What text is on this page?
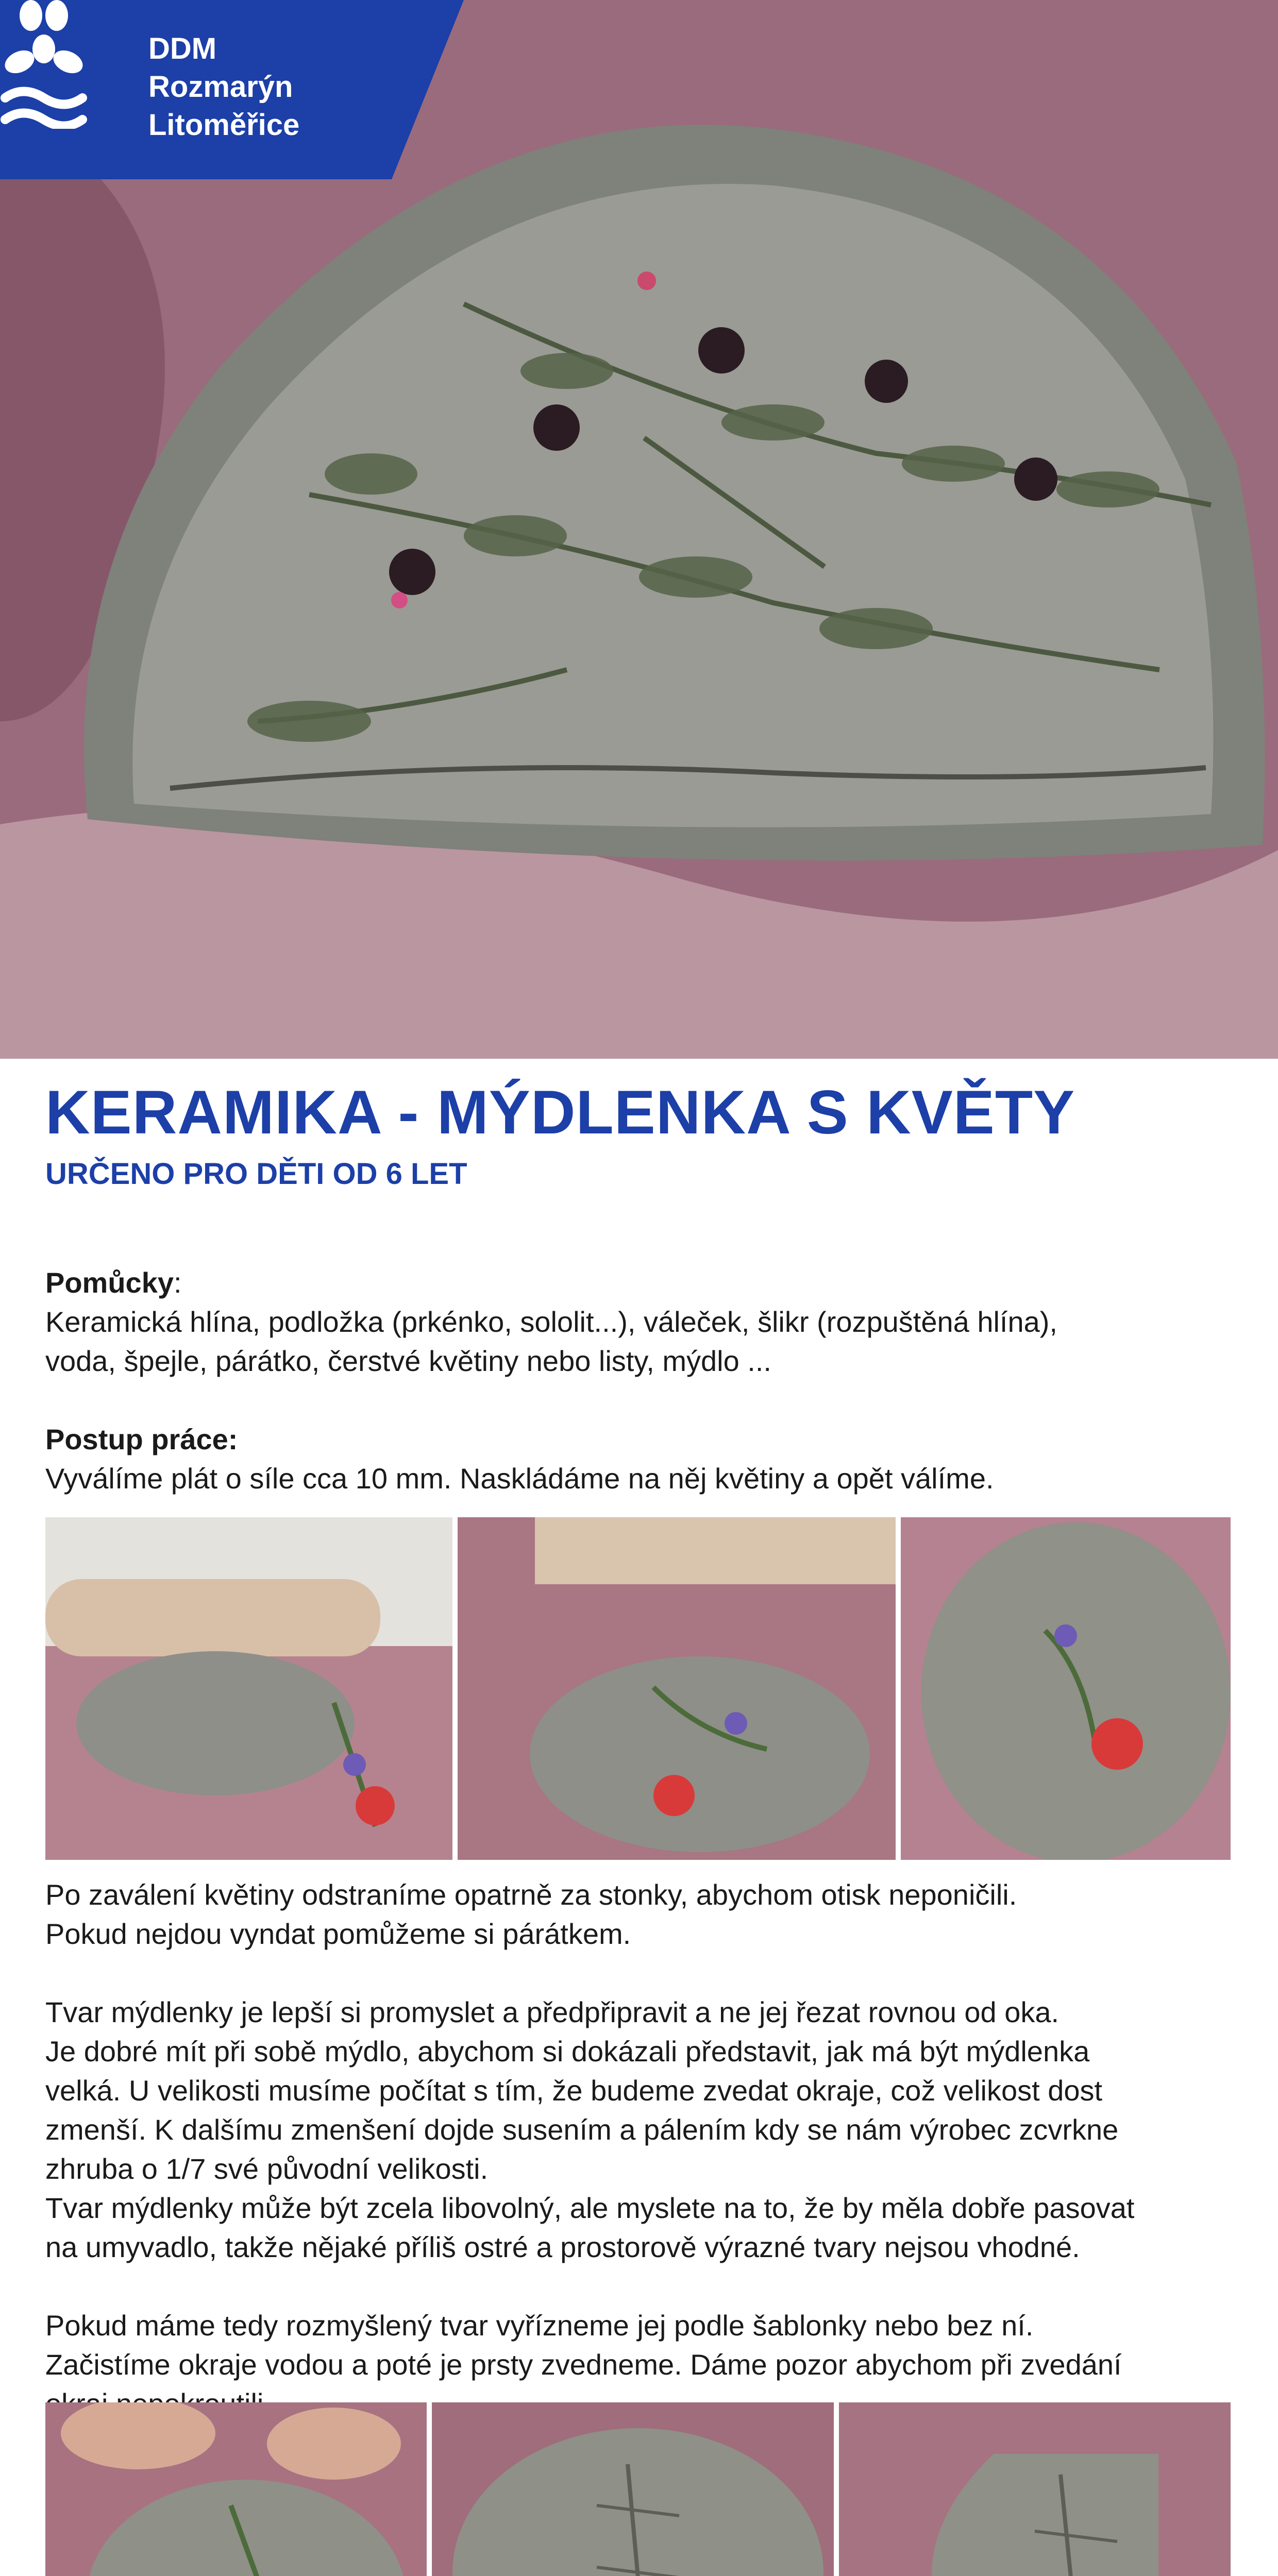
DDM
Rozmarýn
Litoměřice
KERAMIKA - MÝDLENKA S KVĚTY
URČENO PRO DĚTI OD 6 LET
Pomůcky:
Keramická hlína, podložka (prkénko, sololit...), váleček, šlikr (rozpuštěná hlína),
voda, špejle, párátko, čerstvé květiny nebo listy, mýdlo ...

Postup práce:
Vyválíme plát o síle cca 10 mm. Naskládáme na něj květiny a opět válíme.
Po zaválení květiny odstraníme opatrně za stonky, abychom otisk neponičili.
Pokud nejdou vyndat pomůžeme si párátkem.

Tvar mýdlenky je lepší si promyslet a předpřipravit a ne jej řezat rovnou od oka.
Je dobré mít při sobě mýdlo, abychom si dokázali představit, jak má být mýdlenka
velká. U velikosti musíme počítat s tím, že budeme zvedat okraje, což velikost dost
zmenší. K dalšímu zmenšení dojde susením a pálením kdy se nám výrobec zcvrkne
zhruba o 1/7 své původní velikosti.
Tvar mýdlenky může být zcela libovolný, ale myslete na to, že by měla dobře pasovat
na umyvadlo, takže nějaké příliš ostré a prostorově výrazné tvary nejsou vhodné.

Pokud máme tedy rozmyšlený tvar vyřízneme jej podle šablonky nebo bez ní.
Začistíme okraje vodou a poté je prsty zvedneme. Dáme pozor abychom při zvedání
